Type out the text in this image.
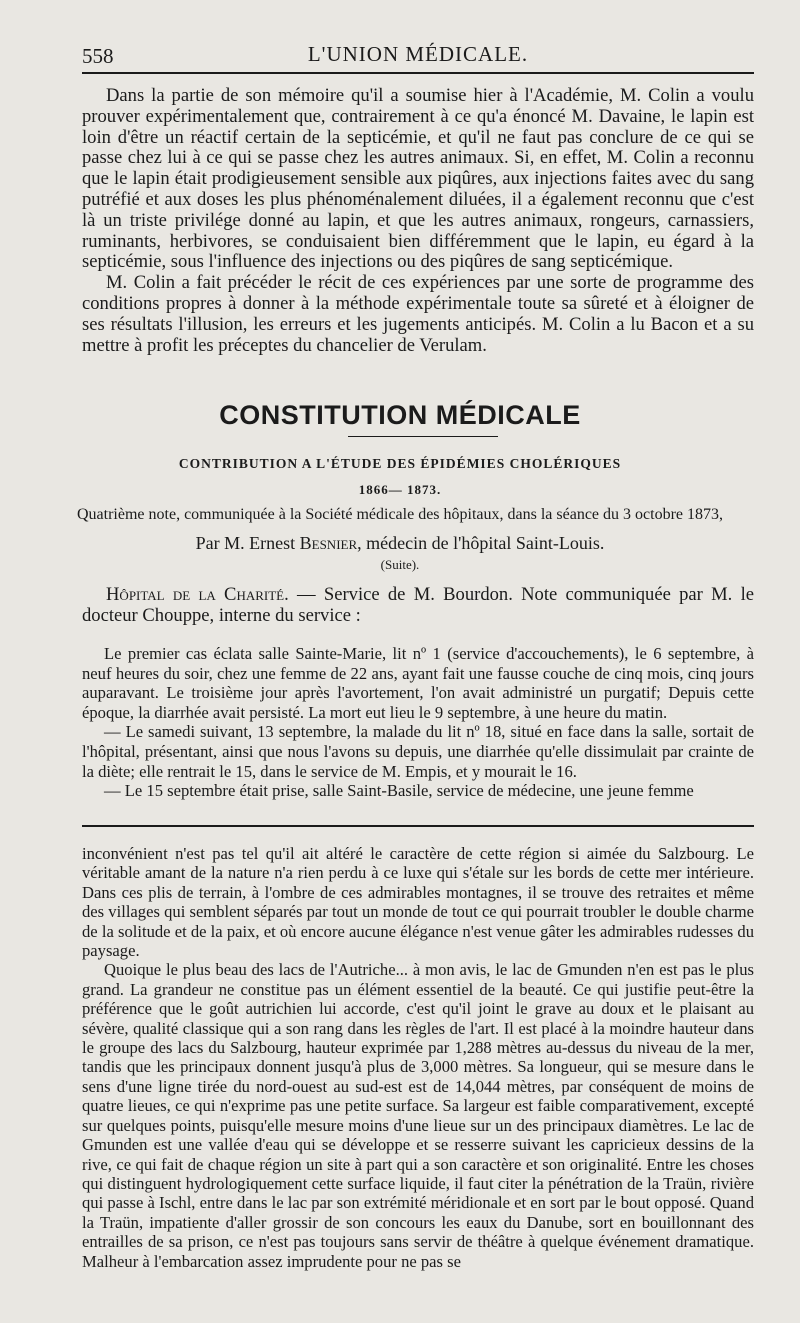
558	L'UNION MÉDICALE.

Dans la partie de son mémoire qu'il a soumise hier à l'Académie, M. Colin a voulu prouver expérimentalement que, contrairement à ce qu'a énoncé M. Davaine, le lapin est loin d'être un réactif certain de la septicémie, et qu'il ne faut pas conclure de ce qui se passe chez lui à ce qui se passe chez les autres animaux. Si, en effet, M. Colin a reconnu que le lapin était prodigieusement sensible aux piqûres, aux injections faites avec du sang putréfié et aux doses les plus phénoménalement diluées, il a également reconnu que c'est là un triste privilége donné au lapin, et que les autres animaux, rongeurs, carnassiers, ruminants, herbivores, se conduisaient bien différemment que le lapin, eu égard à la septicémie, sous l'influence des injections ou des piqûres de sang septicémique.

M. Colin a fait précéder le récit de ces expériences par une sorte de programme des conditions propres à donner à la méthode expérimentale toute sa sûreté et à éloigner de ses résultats l'illusion, les erreurs et les jugements anticipés. M. Colin a lu Bacon et a su mettre à profit les préceptes du chancelier de Verulam.

CONSTITUTION MÉDICALE
CONTRIBUTION A L'ÉTUDE DES ÉPIDÉMIES CHOLÉRIQUES
1866— 1873.
Quatrième note, communiquée à la Société médicale des hôpitaux, dans la séance du 3 octobre 1873,
Par M. Ernest Besnier, médecin de l'hôpital Saint-Louis.
(Suite).

Hôpital de la Charité. — Service de M. Bourdon. Note communiquée par M. le docteur Chouppe, interne du service :

Le premier cas éclata salle Sainte-Marie, lit nº 1 (service d'accouchements), le 6 septembre, à neuf heures du soir, chez une femme de 22 ans, ayant fait une fausse couche de cinq mois, cinq jours auparavant. Le troisième jour après l'avortement, l'on avait administré un purgatif; Depuis cette époque, la diarrhée avait persisté. La mort eut lieu le 9 septembre, à une heure du matin.

— Le samedi suivant, 13 septembre, la malade du lit nº 18, situé en face dans la salle, sortait de l'hôpital, présentant, ainsi que nous l'avons su depuis, une diarrhée qu'elle dissimulait par crainte de la diète; elle rentrait le 15, dans le service de M. Empis, et y mourait le 16.

— Le 15 septembre était prise, salle Saint-Basile, service de médecine, une jeune femme

inconvénient n'est pas tel qu'il ait altéré le caractère de cette région si aimée du Salzbourg. Le véritable amant de la nature n'a rien perdu à ce luxe qui s'étale sur les bords de cette mer intérieure. Dans ces plis de terrain, à l'ombre de ces admirables montagnes, il se trouve des retraites et même des villages qui semblent séparés par tout un monde de tout ce qui pourrait troubler le double charme de la solitude et de la paix, et où encore aucune élégance n'est venue gâter les admirables rudesses du paysage.

Quoique le plus beau des lacs de l'Autriche... à mon avis, le lac de Gmunden n'en est pas le plus grand. La grandeur ne constitue pas un élément essentiel de la beauté. Ce qui justifie peut-être la préférence que le goût autrichien lui accorde, c'est qu'il joint le grave au doux et le plaisant au sévère, qualité classique qui a son rang dans les règles de l'art. Il est placé à la moindre hauteur dans le groupe des lacs du Salzbourg, hauteur exprimée par 1,288 mètres au-dessus du niveau de la mer, tandis que les principaux donnent jusqu'à plus de 3,000 mètres. Sa longueur, qui se mesure dans le sens d'une ligne tirée du nord-ouest au sud-est est de 14,044 mètres, par conséquent de moins de quatre lieues, ce qui n'exprime pas une petite surface. Sa largeur est faible comparativement, excepté sur quelques points, puisqu'elle mesure moins d'une lieue sur un des principaux diamètres. Le lac de Gmunden est une vallée d'eau qui se développe et se resserre suivant les capricieux dessins de la rive, ce qui fait de chaque région un site à part qui a son caractère et son originalité. Entre les choses qui distinguent hydrologiquement cette surface liquide, il faut citer la pénétration de la Traün, rivière qui passe à Ischl, entre dans le lac par son extrémité méridionale et en sort par le bout opposé. Quand la Traün, impatiente d'aller grossir de son concours les eaux du Danube, sort en bouillonnant des entrailles de sa prison, ce n'est pas toujours sans servir de théâtre à quelque événement dramatique. Malheur à l'embarcation assez imprudente pour ne pas se
